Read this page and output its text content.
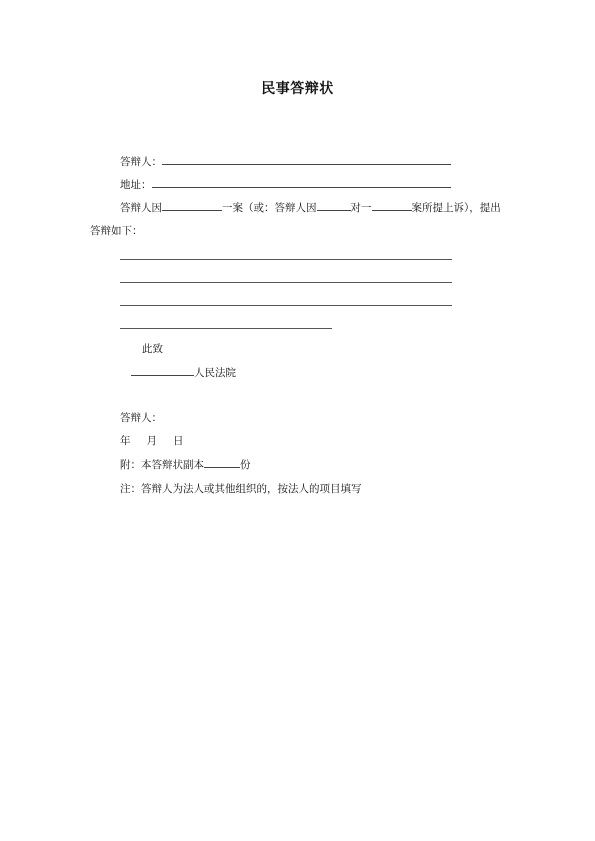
民事答辩状
答辩人：
地址：
答辩人因	一案（或：答辩人因	对一	案所提上诉），提出
答辩如下：
此致
人民法院
答辩人：
年 月 日
附：本答辩状副本	份
注：答辩人为法人或其他组织的，按法人的项目填写
